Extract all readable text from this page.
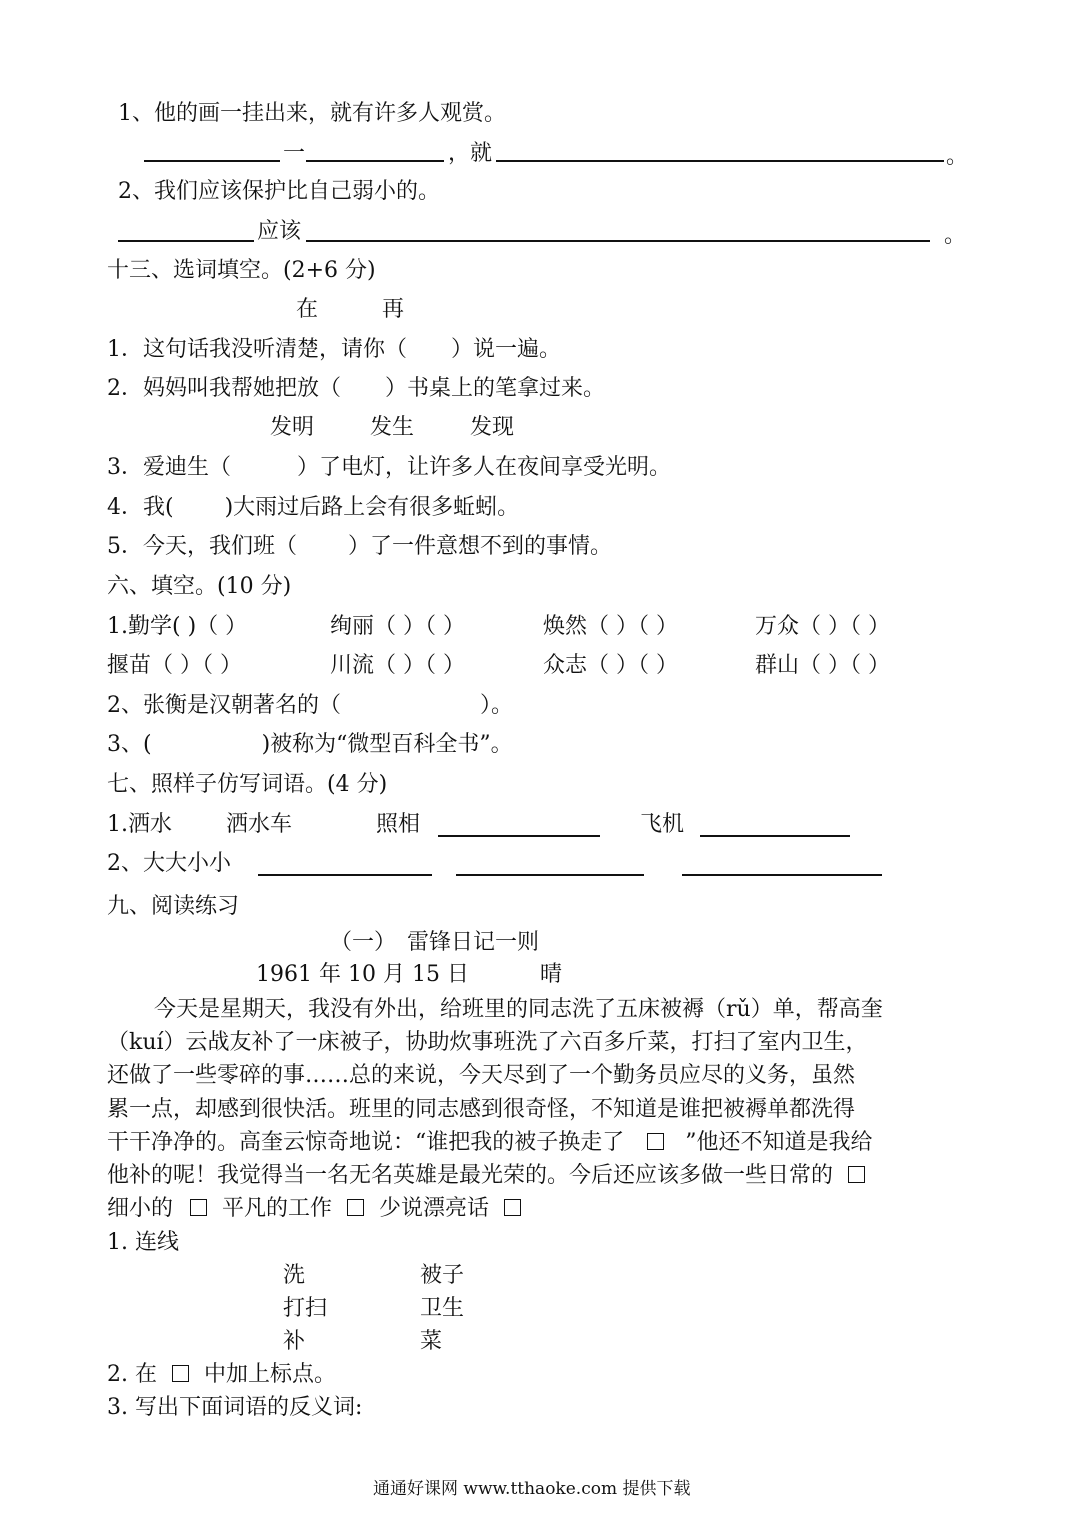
1、他的画一挂出来，就有许多人观赏。
一	，就	。
2、我们应该保护比自己弱小的。
应该	。
十三、选词填空。(2+6 分)
在	再
1．这句话我没听清楚，请你（　　）说一遍。
2．妈妈叫我帮她把放（　　）书桌上的笔拿过来。
发明	发生	发现
3．爱迪生（　　　）了电灯，让许多人在夜间享受光明。
4．我(　　 )大雨过后路上会有很多蚯蚓。
5．今天，我们班（　　 ）了一件意想不到的事情。
六、填空。(10 分)
1.勤学( )（ ）	绚丽（ ）（ ）	焕然（ ）（ ）	万众（ ）（ ）
揠苗（ ）（ ）	川流（ ）（ ）	众志（ ）（ ）	群山（ ）（ ）
2、张衡是汉朝著名的（　　　　　　 ）。
3、(　　　　　)被称为“微型百科全书”。
七、照样子仿写词语。(4 分)
1.洒水 洒水车	照相	飞机
2、大大小小
九、阅读练习
（一）　雷锋日记一则
1961 年 10 月 15 日	晴
今天是星期天，我没有外出，给班里的同志洗了五床被褥（rǔ）单，帮高奎
（kuí）云战友补了一床被子，协助炊事班洗了六百多斤菜，打扫了室内卫生，
还做了一些零碎的事……总的来说，今天尽到了一个勤务员应尽的义务，虽然
累一点，却感到很快活。班里的同志感到很奇怪，不知道是谁把被褥单都洗得
干干净净的。高奎云惊奇地说：“谁把我的被子换走了	”他还不知道是我给
他补的呢！我觉得当一名无名英雄是最光荣的。今后还应该多做一些日常的
细小的 平凡的工作 少说漂亮话
1. 连线
洗	被子
打扫	卫生
补	菜
2. 在 中加上标点。
3. 写出下面词语的反义词:
通通好课网 www.tthaoke.com 提供下载
